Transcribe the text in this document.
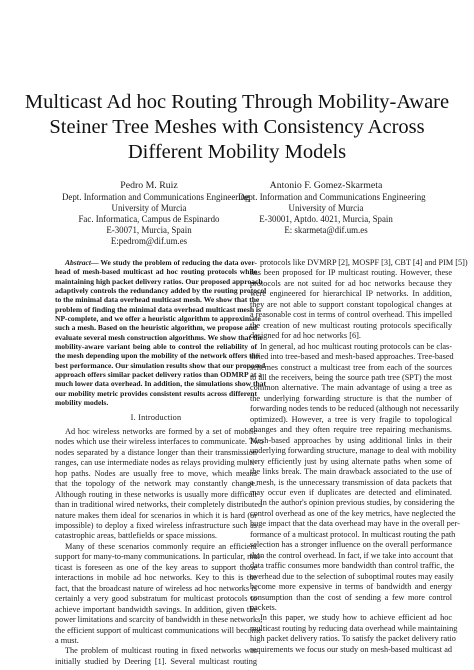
Multicast Ad hoc Routing Through Mobility-Aware
Steiner Tree Meshes with Consistency Across
Different Mobility Models
Pedro M. Ruiz
Dept. Information and Communications Engineering
University of Murcia
Fac. Informatica, Campus de Espinardo
E-30071, Murcia, Spain
E:pedrom@dif.um.es
Antonio F. Gomez-Skarmeta
Dept. Information and Communications Engineering
University of Murcia
E-30001, Aptdo. 4021, Murcia, Spain
E: skarmeta@dif.um.es
Abstract— We study the problem of reducing the data over-
head of mesh-based multicast ad hoc routing protocols while
maintaining high packet delivery ratios. Our proposed approach
adaptively controls the redundancy added by the routing protocol
to the minimal data overhead multicast mesh. We show that the
problem of finding the minimal data overhead multicast mesh is
NP-complete, and we offer a heuristic algorithm to approximate
such a mesh. Based on the heuristic algorithm, we propose and
evaluate several mesh construction algorithms. We show that the
mobility-aware variant being able to control the reliability of
the mesh depending upon the mobility of the network offers the
best performance. Our simulation results show that our proposed
approach offers similar packet delivery ratios than ODMRP at a
much lower data overhead. In addition, the simulations show that
our mobility metric provides consistent results across different
mobility models.
I. Introduction

Ad hoc wireless networks are formed by a set of mobile
nodes which use their wireless interfaces to communicate. Two
nodes separated by a distance longer than their transmission
ranges, can use intermediate nodes as relays providing multi-
hop paths. Nodes are usually free to move, which means
that the topology of the network may constantly change.
Although routing in these networks is usually more difficult
than in traditional wired networks, their completely distributed
nature makes them ideal for scenarios in which it is hard (or
impossible) to deploy a fixed wireless infrastructure such as
catastrophic areas, battlefields or space missions.

Many of these scenarios commonly require an efficient
support for many-to-many communications. In particular, mul-
ticast is foreseen as one of the key areas to support those
interactions in mobile ad hoc networks. Key to this is the
fact, that the broadcast nature of wireless ad hoc networks is
certainly a very good substratum for multicast protocols to
achieve important bandwidth savings. In addition, given the
power limitations and scarcity of bandwidth in these networks,
the efficient support of multicast communications will become
a must.

The problem of multicast routing in fixed networks was
initially studied by Deering [1]. Several multicast routing

protocols like DVMRP [2], MOSPF [3], CBT [4] and PIM [5])
has been proposed for IP multicast routing. However, these
protocols are not suited for ad hoc networks because they
were engineered for hierarchical IP networks. In addition,
they are not able to support constant topological changes at
a reasonable cost in terms of control overhead. This impelled
the creation of new multicast routing protocols specifically
designed for ad hoc networks [6].

In general, ad hoc multicast routing protocols can be clas-
sified into tree-based and mesh-based approaches. Tree-based
schemes construct a multicast tree from each of the sources
to all the receivers, being the source path tree (SPT) the most
common alternative. The main advantage of using a tree as
the underlying forwarding structure is that the number of
forwarding nodes tends to be reduced (although not necessarily
optimized). However, a tree is very fragile to topological
changes and they often require tree repairing mechanisms.
Mesh-based approaches by using additional links in their
underlying forwarding structure, manage to deal with mobility
very efficiently just by using alternate paths when some of
the links break. The main drawback associated to the use of
a mesh, is the unnecessary transmission of data packets that
may occur even if duplicates are detected and eliminated.

In the author's opinion previous studies, by considering the
control overhead as one of the key metrics, have neglected the
huge impact that the data overhead may have in the overall per-
formance of a multicast protocol. In multicast routing the path
selection has a stronger influence on the overall performance
than the control overhead. In fact, if we take into account that
data traffic consumes more bandwidth than control traffic, the
overhead due to the selection of suboptimal routes may easily
become more expensive in terms of bandwidth and energy
consumption than the cost of sending a few more control
packets.

In this paper, we study how to achieve efficient ad hoc
multicast routing by reducing data overhead while maintaining
high packet delivery ratios. To satisfy the packet delivery ratio
requirements we focus our study on mesh-based multicast ad
